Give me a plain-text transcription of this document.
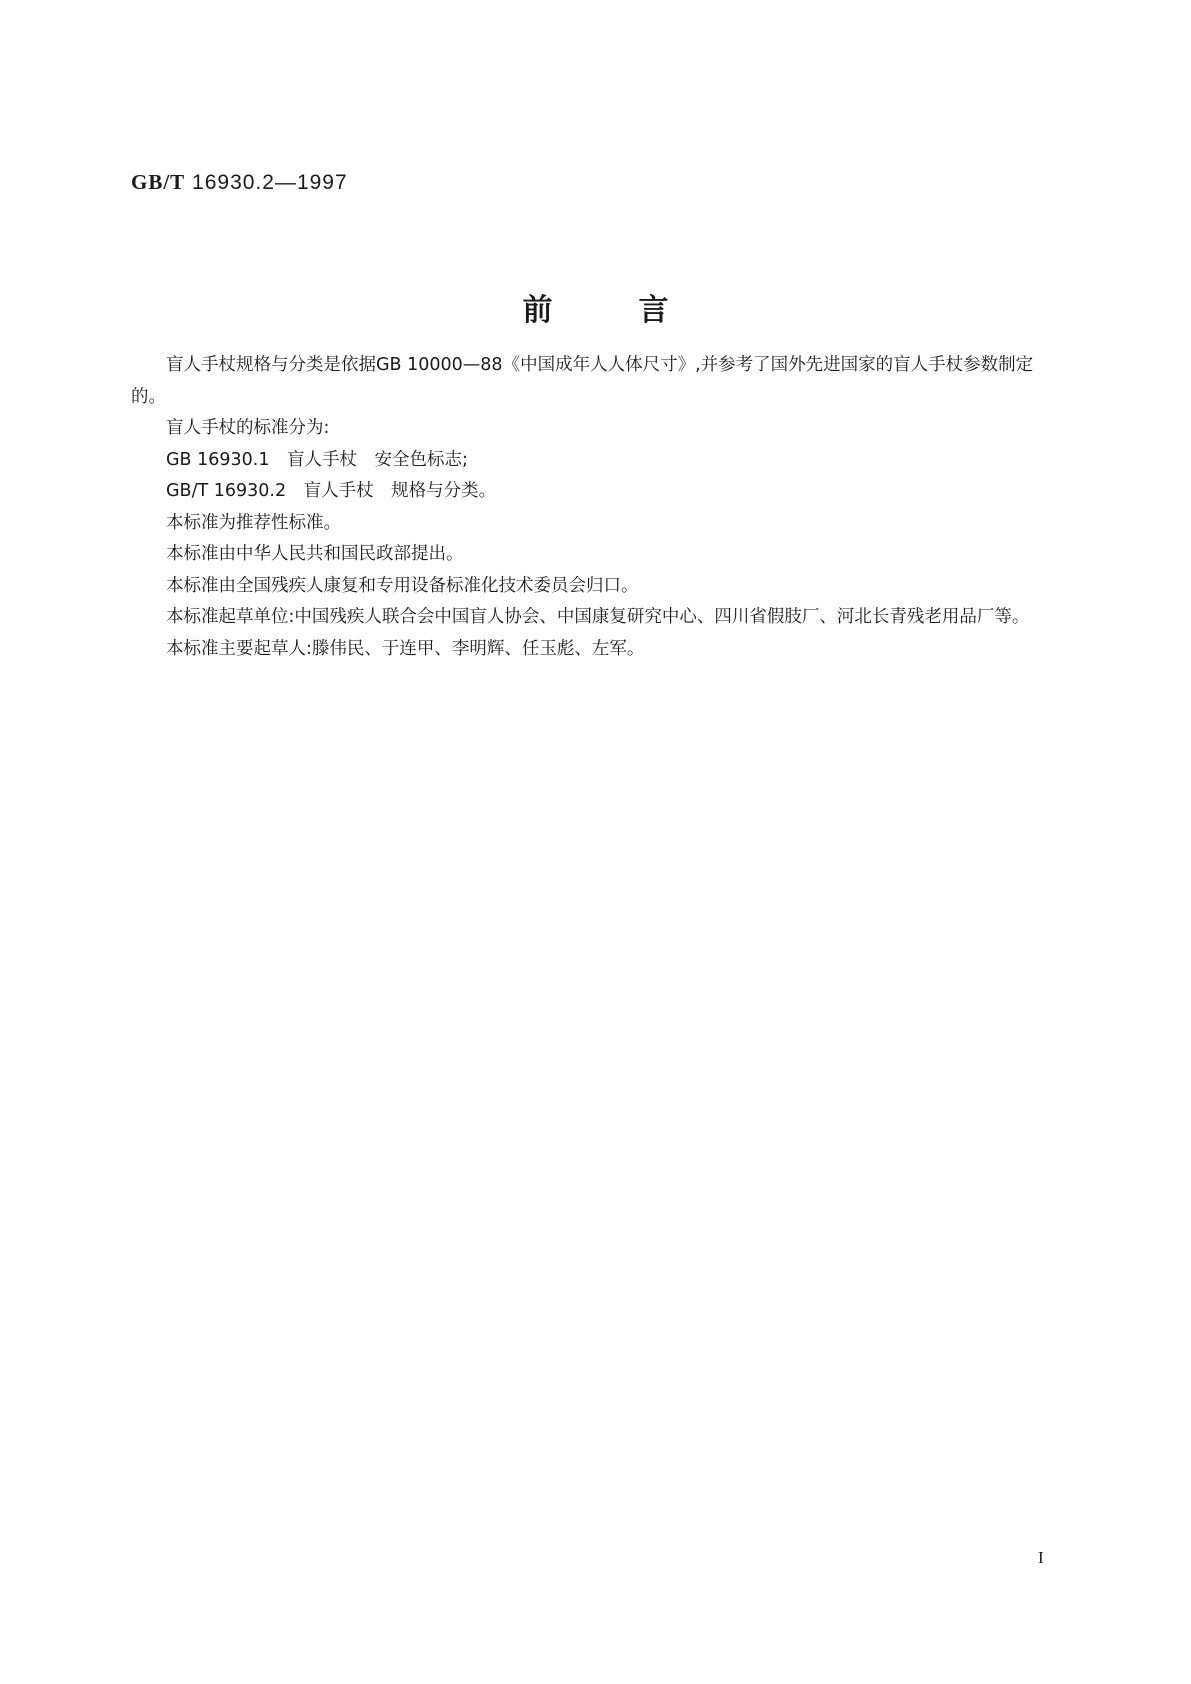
GB/T 16930.2—1997
前言

盲人手杖规格与分类是依据GB 10000—88《中国成年人人体尺寸》,并参考了国外先进国家的盲人手杖参数制定的。

盲人手杖的标准分为:

GB 16930.1　盲人手杖　安全色标志;

GB/T 16930.2　盲人手杖　规格与分类。

本标准为推荐性标准。

本标准由中华人民共和国民政部提出。

本标准由全国残疾人康复和专用设备标准化技术委员会归口。

本标准起草单位:中国残疾人联合会中国盲人协会、中国康复研究中心、四川省假肢厂、河北长青残老用品厂等。

本标准主要起草人:滕伟民、于连甲、李明辉、任玉彪、左军。

I
